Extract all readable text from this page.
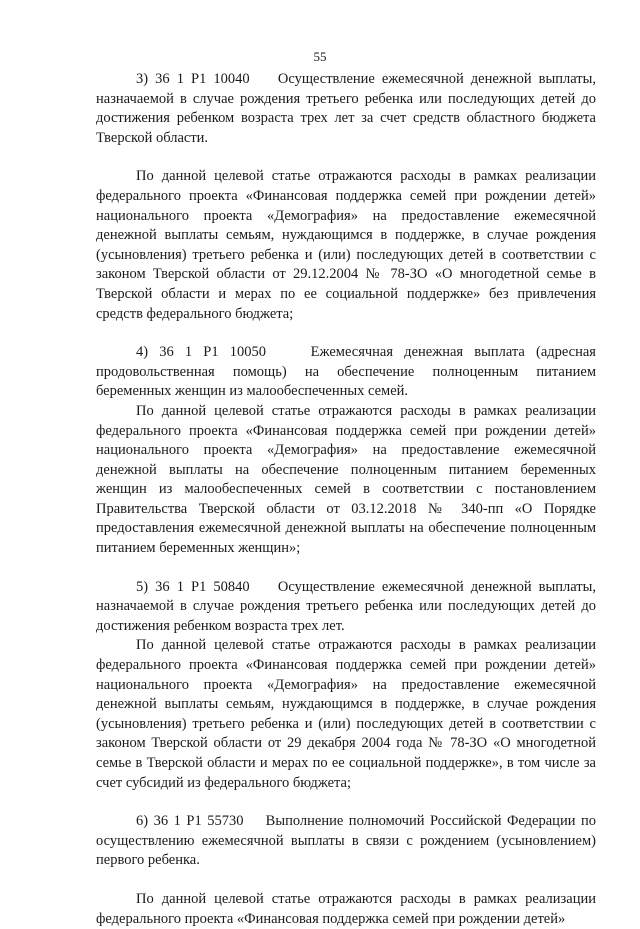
55

3) 36 1 P1 10040 Осуществление ежемесячной денежной выплаты, назначаемой в случае рождения третьего ребенка или последующих детей до достижения ребенком возраста трех лет за счет средств областного бюджета Тверской области.

По данной целевой статье отражаются расходы в рамках реализации федерального проекта «Финансовая поддержка семей при рождении детей» национального проекта «Демография» на предоставление ежемесячной денежной выплаты семьям, нуждающимся в поддержке, в случае рождения (усыновления) третьего ребенка и (или) последующих детей в соответствии с законом Тверской области от 29.12.2004 № 78-ЗО «О многодетной семье в Тверской области и мерах по ее социальной поддержке» без привлечения средств федерального бюджета;

4) 36 1 P1 10050	Ежемесячная денежная выплата (адресная продовольственная помощь) на обеспечение полноценным питанием беременных женщин из малообеспеченных семей.

По данной целевой статье отражаются расходы в рамках реализации федерального проекта «Финансовая поддержка семей при рождении детей» национального проекта «Демография» на предоставление ежемесячной денежной выплаты на обеспечение полноценным питанием беременных женщин из малообеспеченных семей в соответствии с постановлением Правительства Тверской области от 03.12.2018 № 340-пп «О Порядке предоставления ежемесячной денежной выплаты на обеспечение полноценным питанием беременных женщин»;

5) 36 1 P1 50840 Осуществление ежемесячной денежной выплаты, назначаемой в случае рождения третьего ребенка или последующих детей до достижения ребенком возраста трех лет.

По данной целевой статье отражаются расходы в рамках реализации федерального проекта «Финансовая поддержка семей при рождении детей» национального проекта «Демография» на предоставление ежемесячной денежной выплаты семьям, нуждающимся в поддержке, в случае рождения (усыновления) третьего ребенка и (или) последующих детей в соответствии с законом Тверской области от 29 декабря 2004 года № 78-ЗО «О многодетной семье в Тверской области и мерах по ее социальной поддержке», в том числе за счет субсидий из федерального бюджета;

6) 36 1 P1 55730 Выполнение полномочий Российской Федерации по осуществлению ежемесячной выплаты в связи с рождением (усыновлением) первого ребенка.

По данной целевой статье отражаются расходы в рамках реализации федерального проекта «Финансовая поддержка семей при рождении детей»
